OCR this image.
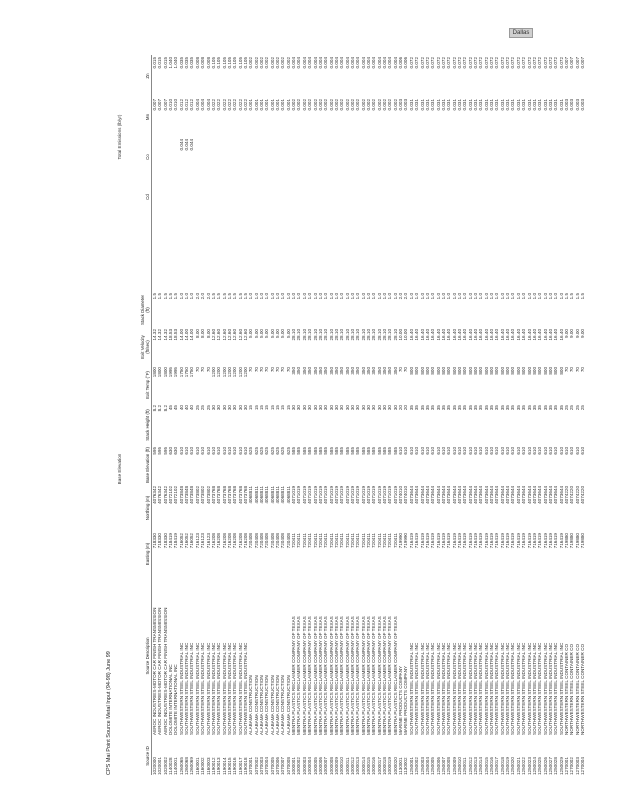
Dallas
CPS Mai Point Source Metal Input (94-98) June 99
Base Elevation
Total Emissions (lb/yr)
Source ID
Source Description
Easting (m)
Northing (m)
Base Elevation (ft)
Stack Height (ft)
Exit Temp (°F)
Exit Velocity (ft/sec)
Stack Diameter (ft)
Cd
Co
Mn
Zn
1020000
AEROC INDUSTRIES-MOTOR CAR FINISH TRANSMISSION
718330
4076342
595
8.2
1800
14.32
1.5
0.007
0.015
1020001
AEROC INDUSTRIES-MOTOR CAR FINISH TRANSMISSION
718330
4076342
595
8.2
1800
14.32
1.5
0.007
0.015
1020002
AEROC INDUSTRIES-MOTOR CAR FINISH TRANSMISSION
718330
4076342
595
8.2
1800
14.32
1.5
0.007
0.015
1140028
DOLOMITE INTERNATIONAL INC
718419
4072102
630
45
1995
18.53
1.5
0.010
1.040
1140001
DOLOMITE INTERNATIONAL INC
718419
4072102
630
45
1995
18.53
1.5
0.010
1.040
1260065
SOUTHWESTERN STEEL INDUSTRIAL INC
716052
4073848
610
40
1750
14.00
1.0
0.044
0.012
0.035
1260068
SOUTHWESTERN STEEL INDUSTRIAL INC
716052
4073848
610
40
1750
14.00
1.0
0.044
0.012
0.035
1260069
SOUTHWESTERN STEEL INDUSTRIAL INC
716052
4073848
610
40
1750
14.00
1.0
0.044
0.012
0.035
1160001
SOUTHWESTERN STEEL INDUSTRIAL INC
716123
4073802
610
25
70
8.00
2.0
0.004
0.008
1160002
SOUTHWESTERN STEEL INDUSTRIAL INC
716123
4073802
610
25
70
8.00
2.0
0.004
0.008
1160003
SOUTHWESTERN STEEL INDUSTRIAL INC
716123
4073802
610
25
70
8.00
2.0
0.004
0.008
1190012
SOUTHWESTERN STEEL INDUSTRIAL INC
716208
4073768
610
30
1200
12.60
1.5
0.022
0.105
1190013
SOUTHWESTERN STEEL INDUSTRIAL INC
716208
4073768
610
30
1200
12.60
1.5
0.022
0.105
1190014
SOUTHWESTERN STEEL INDUSTRIAL INC
716208
4073768
610
30
1200
12.60
1.5
0.022
0.105
1190015
SOUTHWESTERN STEEL INDUSTRIAL INC
716208
4073768
610
30
1200
12.60
1.5
0.022
0.105
1190016
SOUTHWESTERN STEEL INDUSTRIAL INC
716208
4073768
610
30
1200
12.60
1.5
0.022
0.105
1190017
SOUTHWESTERN STEEL INDUSTRIAL INC
716208
4073768
610
30
1200
12.60
1.5
0.022
0.105
1190018
SOUTHWESTERN STEEL INDUSTRIAL INC
716208
4073768
610
30
1200
12.60
1.5
0.022
0.105
1070001
ALABAMA CONSTRUCTION
720408
4068811
625
15
70
5.00
1.0
0.001
0.002
1070002
ALABAMA CONSTRUCTION
720408
4068811
625
15
70
5.00
1.0
0.001
0.002
1070003
ALABAMA CONSTRUCTION
720408
4068811
625
15
70
5.00
1.0
0.001
0.002
1070004
ALABAMA CONSTRUCTION
720408
4068811
625
15
70
5.00
1.0
0.001
0.002
1070005
ALABAMA CONSTRUCTION
720408
4068811
625
15
70
5.00
1.0
0.001
0.002
1070006
ALABAMA CONSTRUCTION
720408
4068811
625
15
70
5.00
1.0
0.001
0.002
1070007
ALABAMA CONSTRUCTION
720408
4068811
625
15
70
5.00
1.0
0.001
0.002
1070008
ALABAMA CONSTRUCTION
720408
4068811
625
15
70
5.00
1.0
0.001
0.002
1000001
MENTRA PLASTICS RECLAIMER COMPANY OF TEXAS
720411
4071019
585
30
350
28.10
1.0
0.002
0.004
1000002
MENTRA PLASTICS RECLAIMER COMPANY OF TEXAS
720411
4071019
585
30
350
28.10
1.0
0.002
0.004
1000003
MENTRA PLASTICS RECLAIMER COMPANY OF TEXAS
720411
4071019
585
30
350
28.10
1.0
0.002
0.004
1000004
MENTRA PLASTICS RECLAIMER COMPANY OF TEXAS
720411
4071019
585
30
350
28.10
1.0
0.002
0.004
1000005
MENTRA PLASTICS RECLAIMER COMPANY OF TEXAS
720411
4071019
585
30
350
28.10
1.0
0.002
0.004
1000006
MENTRA PLASTICS RECLAIMER COMPANY OF TEXAS
720411
4071019
585
30
350
28.10
1.0
0.002
0.004
1000007
MENTRA PLASTICS RECLAIMER COMPANY OF TEXAS
720411
4071019
585
30
350
28.10
1.0
0.002
0.004
1000008
MENTRA PLASTICS RECLAIMER COMPANY OF TEXAS
720411
4071019
585
30
350
28.10
1.0
0.002
0.004
1000009
MENTRA PLASTICS RECLAIMER COMPANY OF TEXAS
720411
4071019
585
30
350
28.10
1.0
0.002
0.004
1000010
MENTRA PLASTICS RECLAIMER COMPANY OF TEXAS
720411
4071019
585
30
350
28.10
1.0
0.002
0.004
1000011
MENTRA PLASTICS RECLAIMER COMPANY OF TEXAS
720411
4071019
585
30
350
28.10
1.0
0.002
0.004
1000012
MENTRA PLASTICS RECLAIMER COMPANY OF TEXAS
720411
4071019
585
30
350
28.10
1.0
0.002
0.004
1000013
MENTRA PLASTICS RECLAIMER COMPANY OF TEXAS
720411
4071019
585
30
350
28.10
1.0
0.002
0.004
1000014
MENTRA PLASTICS RECLAIMER COMPANY OF TEXAS
720411
4071019
585
30
350
28.10
1.0
0.002
0.004
1000015
MENTRA PLASTICS RECLAIMER COMPANY OF TEXAS
720411
4071019
585
30
350
28.10
1.0
0.002
0.004
1000016
MENTRA PLASTICS RECLAIMER COMPANY OF TEXAS
720411
4071019
585
30
350
28.10
1.0
0.002
0.004
1000017
MENTRA PLASTICS RECLAIMER COMPANY OF TEXAS
720411
4071019
585
30
350
28.10
1.0
0.002
0.004
1000018
MENTRA PLASTICS RECLAIMER COMPANY OF TEXAS
720411
4071019
585
30
350
28.10
1.0
0.002
0.004
1000019
MENTRA PLASTICS RECLAIMER COMPANY OF TEXAS
720411
4071019
585
30
350
28.10
1.0
0.002
0.004
1000020
MENTRA PLASTICS RECLAIMER COMPANY OF TEXAS
720411
4071019
585
30
350
28.10
1.0
0.002
0.004
1130001
MARINE PRODUCTS COMPANY
719990
4074010
610
20
70
10.00
2.0
0.003
0.006
1130002
MARINE PRODUCTS COMPANY
719990
4074010
610
20
70
10.00
2.0
0.003
0.006
1250001
SOUTHWESTERN STEEL INDUSTRIAL INC
716419
4073644
610
35
800
16.40
1.0
0.031
0.072
1250002
SOUTHWESTERN STEEL INDUSTRIAL INC
716419
4073644
610
35
800
16.40
1.0
0.031
0.072
1250003
SOUTHWESTERN STEEL INDUSTRIAL INC
716419
4073644
610
35
800
16.40
1.0
0.031
0.072
1250004
SOUTHWESTERN STEEL INDUSTRIAL INC
716419
4073644
610
35
800
16.40
1.0
0.031
0.072
1250005
SOUTHWESTERN STEEL INDUSTRIAL INC
716419
4073644
610
35
800
16.40
1.0
0.031
0.072
1250006
SOUTHWESTERN STEEL INDUSTRIAL INC
716419
4073644
610
35
800
16.40
1.0
0.031
0.072
1250007
SOUTHWESTERN STEEL INDUSTRIAL INC
716419
4073644
610
35
800
16.40
1.0
0.031
0.072
1250008
SOUTHWESTERN STEEL INDUSTRIAL INC
716419
4073644
610
35
800
16.40
1.0
0.031
0.072
1250009
SOUTHWESTERN STEEL INDUSTRIAL INC
716419
4073644
610
35
800
16.40
1.0
0.031
0.072
1250010
SOUTHWESTERN STEEL INDUSTRIAL INC
716419
4073644
610
35
800
16.40
1.0
0.031
0.072
1250011
SOUTHWESTERN STEEL INDUSTRIAL INC
716419
4073644
610
35
800
16.40
1.0
0.031
0.072
1250012
SOUTHWESTERN STEEL INDUSTRIAL INC
716419
4073644
610
35
800
16.40
1.0
0.031
0.072
1250013
SOUTHWESTERN STEEL INDUSTRIAL INC
716419
4073644
610
35
800
16.40
1.0
0.031
0.072
1250014
SOUTHWESTERN STEEL INDUSTRIAL INC
716419
4073644
610
35
800
16.40
1.0
0.031
0.072
1250015
SOUTHWESTERN STEEL INDUSTRIAL INC
716419
4073644
610
35
800
16.40
1.0
0.031
0.072
1250016
SOUTHWESTERN STEEL INDUSTRIAL INC
716419
4073644
610
35
800
16.40
1.0
0.031
0.072
1250017
SOUTHWESTERN STEEL INDUSTRIAL INC
716419
4073644
610
35
800
16.40
1.0
0.031
0.072
1250018
SOUTHWESTERN STEEL INDUSTRIAL INC
716419
4073644
610
35
800
16.40
1.0
0.031
0.072
1250019
SOUTHWESTERN STEEL INDUSTRIAL INC
716419
4073644
610
35
800
16.40
1.0
0.031
0.072
1250020
SOUTHWESTERN STEEL INDUSTRIAL INC
716419
4073644
610
35
800
16.40
1.0
0.031
0.072
1250021
SOUTHWESTERN STEEL INDUSTRIAL INC
716419
4073644
610
35
800
16.40
1.0
0.031
0.072
1250022
SOUTHWESTERN STEEL INDUSTRIAL INC
716419
4073644
610
35
800
16.40
1.0
0.031
0.072
1250023
SOUTHWESTERN STEEL INDUSTRIAL INC
716419
4073644
610
35
800
16.40
1.0
0.031
0.072
1250024
SOUTHWESTERN STEEL INDUSTRIAL INC
716419
4073644
610
35
800
16.40
1.0
0.031
0.072
1250025
SOUTHWESTERN STEEL INDUSTRIAL INC
716419
4073644
610
35
800
16.40
1.0
0.031
0.072
1250026
SOUTHWESTERN STEEL INDUSTRIAL INC
716419
4073644
610
35
800
16.40
1.0
0.031
0.072
1250027
SOUTHWESTERN STEEL INDUSTRIAL INC
716419
4073644
610
35
800
16.40
1.0
0.031
0.072
1250028
SOUTHWESTERN STEEL INDUSTRIAL INC
716419
4073644
610
35
800
16.40
1.0
0.031
0.072
1250029
SOUTHWESTERN STEEL INDUSTRIAL INC
716419
4073644
610
35
800
16.40
1.0
0.031
0.072
1270001
NORTHWESTERN STEEL CONTAINER CO
719880
4074220
610
25
70
9.00
1.5
0.003
0.007
1270002
NORTHWESTERN STEEL CONTAINER CO
719880
4074220
610
25
70
9.00
1.5
0.003
0.007
1270003
NORTHWESTERN STEEL CONTAINER CO
719880
4074220
610
25
70
9.00
1.5
0.003
0.007
1270004
NORTHWESTERN STEEL CONTAINER CO
719880
4074220
610
25
70
9.00
1.5
0.003
0.007
